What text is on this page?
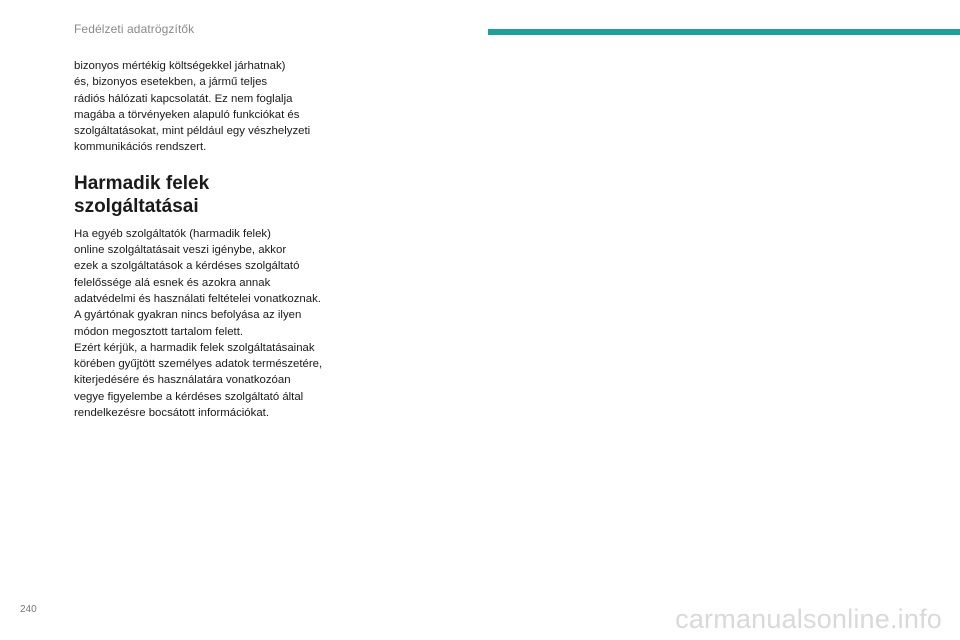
Fedélzeti adatrögzítők

bizonyos mértékig költségekkel járhatnak)
és, bizonyos esetekben, a jármű teljes
rádiós hálózati kapcsolatát. Ez nem foglalja
magába a törvényeken alapuló funkciókat és
szolgáltatásokat, mint például egy vészhelyzeti
kommunikációs rendszert.

Harmadik felek
szolgáltatásai

Ha egyéb szolgáltatók (harmadik felek)
online szolgáltatásait veszi igénybe, akkor
ezek a szolgáltatások a kérdéses szolgáltató
felelőssége alá esnek és azokra annak
adatvédelmi és használati feltételei vonatkoznak.
A gyártónak gyakran nincs befolyása az ilyen
módon megosztott tartalom felett.
Ezért kérjük, a harmadik felek szolgáltatásainak
körében gyűjtött személyes adatok természetére,
kiterjedésére és használatára vonatkozóan
vegye figyelembe a kérdéses szolgáltató által
rendelkezésre bocsátott információkat.

240	carmanualsonline.info
